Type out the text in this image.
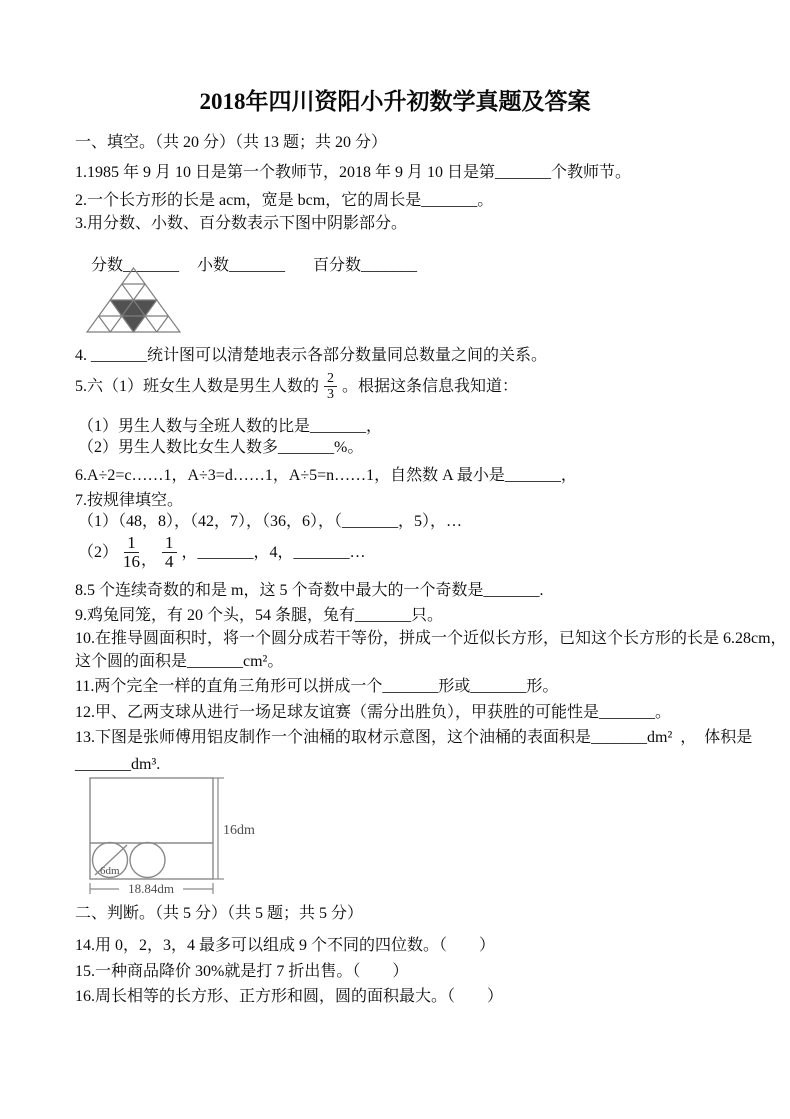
2018年四川资阳小升初数学真题及答案
一、填空。（共 20 分）（共 13 题；共 20 分）
1.1985 年 9 月 10 日是第一个教师节，2018 年 9 月 10 日是第_______个教师节。
2.一个长方形的长是 acm，宽是 bcm，它的周长是_______。
3.用分数、小数、百分数表示下图中阴影部分。

分数_______ 小数_______ 百分数_______

4. _______统计图可以清楚地表示各部分数量同总数量之间的关系。
5.六（1）班女生人数是男生人数的 $\frac{2}{3}$ 。根据这条信息我知道：
（1）男生人数与全班人数的比是_______，
（2）男生人数比女生人数多_______%。
6.A÷2=c……1，A÷3=d……1，A÷5=n……1，自然数 A 最小是_______，
7.按规律填空。
（1）（48，8），（42，7），（36，6），（_______，5），…
$(2) \frac{1}{16}$ ， $\frac{1}{4}$ ，_______，4，_______…
8.5 个连续奇数的和是 m，这 5 个奇数中最大的一个奇数是_______.
9.鸡兔同笼，有 20 个头，54 条腿，兔有_______只。
10.在推导圆面积时，将一个圆分成若干等份，拼成一个近似长方形，已知这个长方形的长是 6.28cm，
这个圆的面积是_______cm²。
11.两个完全一样的直角三角形可以拼成一个_______形或_______形。
12.甲、乙两支球从进行一场足球友谊赛（需分出胜负），甲获胜的可能性是_______。
13.下图是张师傅用铝皮制作一个油桶的取材示意图，这个油桶的表面积是_______dm²  ，  体积是
_______dm³.
16dm
6dm
18.84dm
二、判断。（共 5 分）（共 5 题；共 5 分）
14.用 0，2，3，4 最多可以组成 9 个不同的四位数。（　　）
15.一种商品降价 30%就是打 7 折出售。（　　）
16.周长相等的长方形、正方形和圆，圆的面积最大。（　　）
